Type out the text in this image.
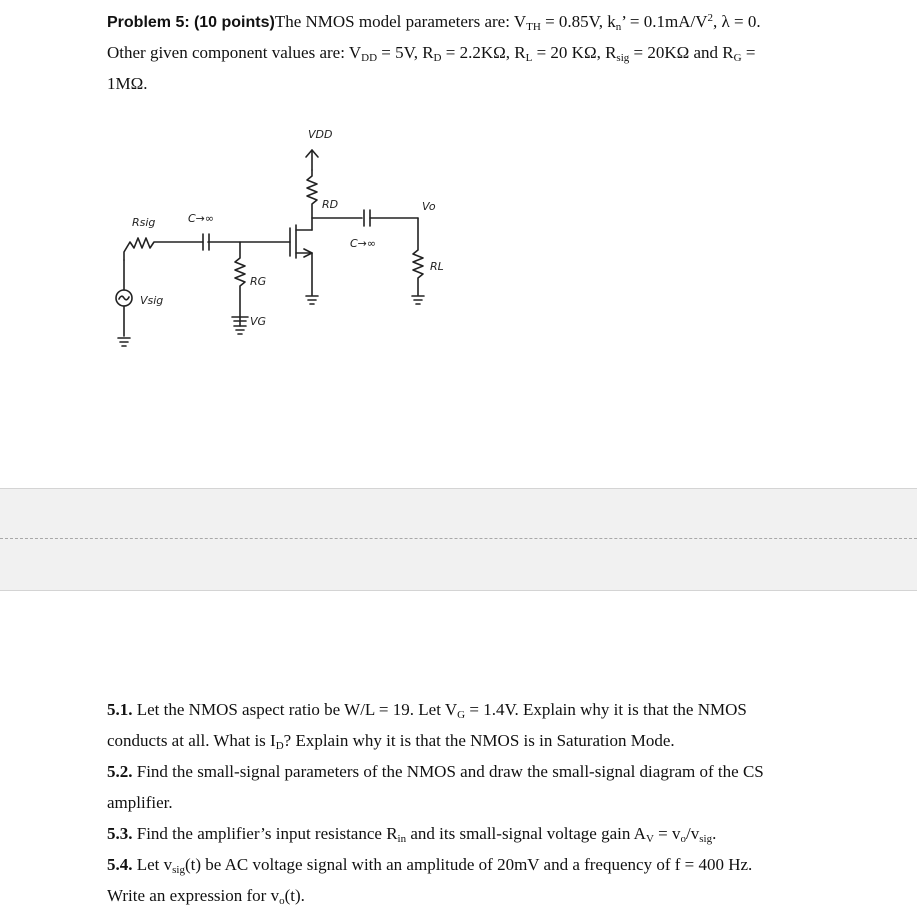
Problem 5: (10 points)The NMOS model parameters are: $V_{TH} = 0.85V$, $k_n$’ = $0.1mA/V^2$, λ = 0.
Other given component values are: $V_{DD} = 5V$, $R_D = 2.2K\Omega$, $R_L = 20$ KΩ, $R_{sig} = 20K\Omega$ and $R_G$ =
1MΩ.
VDD
RD
C→∞
Vo
RL
C→∞
Rsig
Vsig
RG
VG
5.1. Let the NMOS aspect ratio be W/L = 19. Let $V_G = 1.4V$. Explain why it is that the NMOS
conducts at all. What is $I_D$? Explain why it is that the NMOS is in Saturation Mode.
5.2. Find the small-signal parameters of the NMOS and draw the small-signal diagram of the CS
amplifier.
5.3. Find the amplifier’s input resistance $R_{in}$ and its small-signal voltage gain $A_V = v_o/v_{sig}$.
5.4. Let $v_{sig}(t)$ be AC voltage signal with an amplitude of 20mV and a frequency of f = 400 Hz.
Write an expression for $v_o(t)$.
